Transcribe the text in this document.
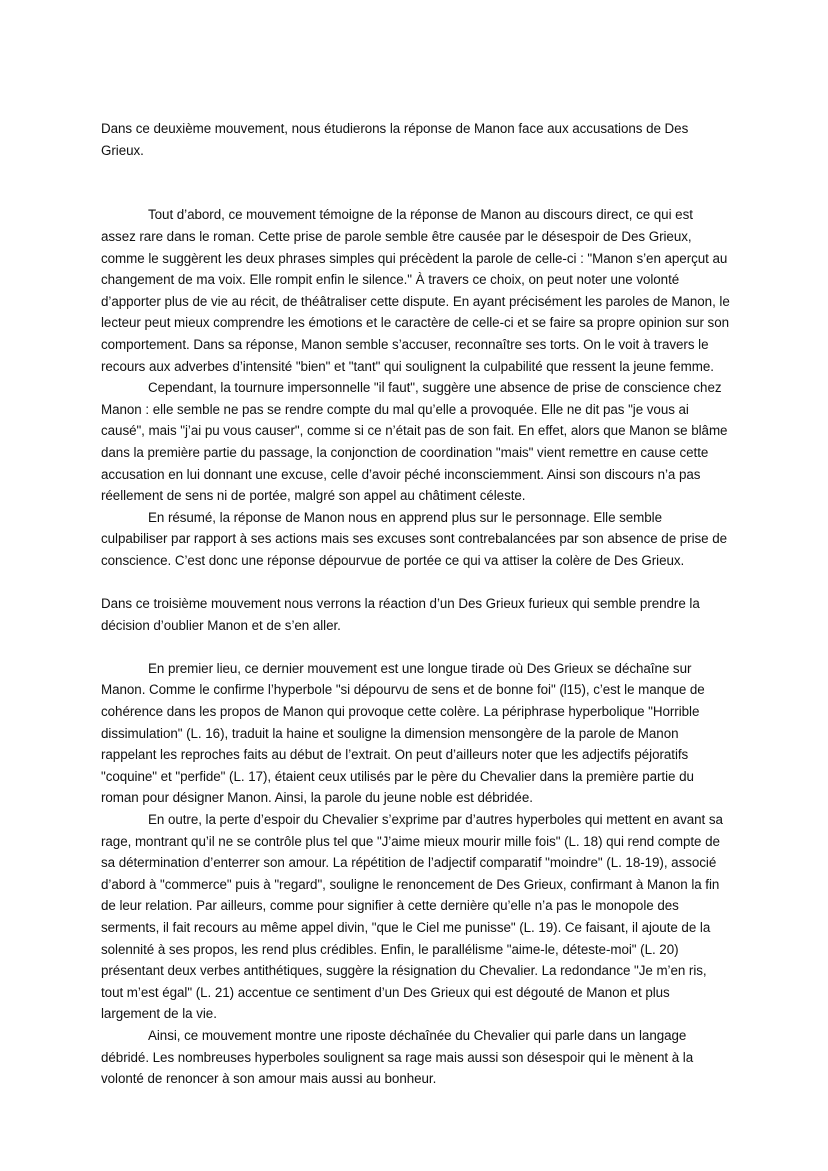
Dans ce deuxième mouvement, nous étudierons la réponse de Manon face aux accusations de Des Grieux.

Tout d’abord, ce mouvement témoigne de la réponse de Manon au discours direct, ce qui est assez rare dans le roman. Cette prise de parole semble être causée par le désespoir de Des Grieux, comme le suggèrent les deux phrases simples qui précèdent la parole de celle-ci : "Manon s’en aperçut au changement de ma voix. Elle rompit enfin le silence." À travers ce choix, on peut noter une volonté d’apporter plus de vie au récit, de théâtraliser cette dispute. En ayant précisément les paroles de Manon, le lecteur peut mieux comprendre les émotions et le caractère de celle-ci et se faire sa propre opinion sur son comportement. Dans sa réponse, Manon semble s’accuser, reconnaître ses torts. On le voit à travers le recours aux adverbes d’intensité "bien" et "tant" qui soulignent la culpabilité que ressent la jeune femme.

Cependant, la tournure impersonnelle "il faut", suggère une absence de prise de conscience chez Manon : elle semble ne pas se rendre compte du mal qu’elle a provoquée. Elle ne dit pas "je vous ai causé", mais "j’ai pu vous causer", comme si ce n’était pas de son fait. En effet, alors que Manon se blâme dans la première partie du passage, la conjonction de coordination "mais" vient remettre en cause cette accusation en lui donnant une excuse, celle d’avoir péché inconsciemment. Ainsi son discours n’a pas réellement de sens ni de portée, malgré son appel au châtiment céleste.

En résumé, la réponse de Manon nous en apprend plus sur le personnage. Elle semble culpabiliser par rapport à ses actions mais ses excuses sont contrebalancées par son absence de prise de conscience. C’est donc une réponse dépourvue de portée ce qui va attiser la colère de Des Grieux.

Dans ce troisième mouvement nous verrons la réaction d’un Des Grieux furieux qui semble prendre la décision d’oublier Manon et de s’en aller.

En premier lieu, ce dernier mouvement est une longue tirade où Des Grieux se déchaîne sur Manon. Comme le confirme l’hyperbole "si dépourvu de sens et de bonne foi" (l15), c’est le manque de cohérence dans les propos de Manon qui provoque cette colère. La périphrase hyperbolique "Horrible dissimulation" (L. 16), traduit la haine et souligne la dimension mensongère de la parole de Manon rappelant les reproches faits au début de l’extrait. On peut d’ailleurs noter que les adjectifs péjoratifs "coquine" et "perfide" (L. 17), étaient ceux utilisés par le père du Chevalier dans la première partie du roman pour désigner Manon. Ainsi, la parole du jeune noble est débridée.

En outre, la perte d’espoir du Chevalier s’exprime par d’autres hyperboles qui mettent en avant sa rage, montrant qu’il ne se contrôle plus tel que "J’aime mieux mourir mille fois" (L. 18) qui rend compte de sa détermination d’enterrer son amour. La répétition de l’adjectif comparatif "moindre" (L. 18-19), associé d’abord à "commerce" puis à "regard", souligne le renoncement de Des Grieux, confirmant à Manon la fin de leur relation. Par ailleurs, comme pour signifier à cette dernière qu’elle n’a pas le monopole des serments, il fait recours au même appel divin, "que le Ciel me punisse" (L. 19). Ce faisant, il ajoute de la solennité à ses propos, les rend plus crédibles. Enfin, le parallélisme "aime-le, déteste-moi" (L. 20) présentant deux verbes antithétiques, suggère la résignation du Chevalier. La redondance "Je m’en ris, tout m’est égal" (L. 21) accentue ce sentiment d’un Des Grieux qui est dégouté de Manon et plus largement de la vie.

Ainsi, ce mouvement montre une riposte déchaînée du Chevalier qui parle dans un langage débridé. Les nombreuses hyperboles soulignent sa rage mais aussi son désespoir qui le mènent à la volonté de renoncer à son amour mais aussi au bonheur.
